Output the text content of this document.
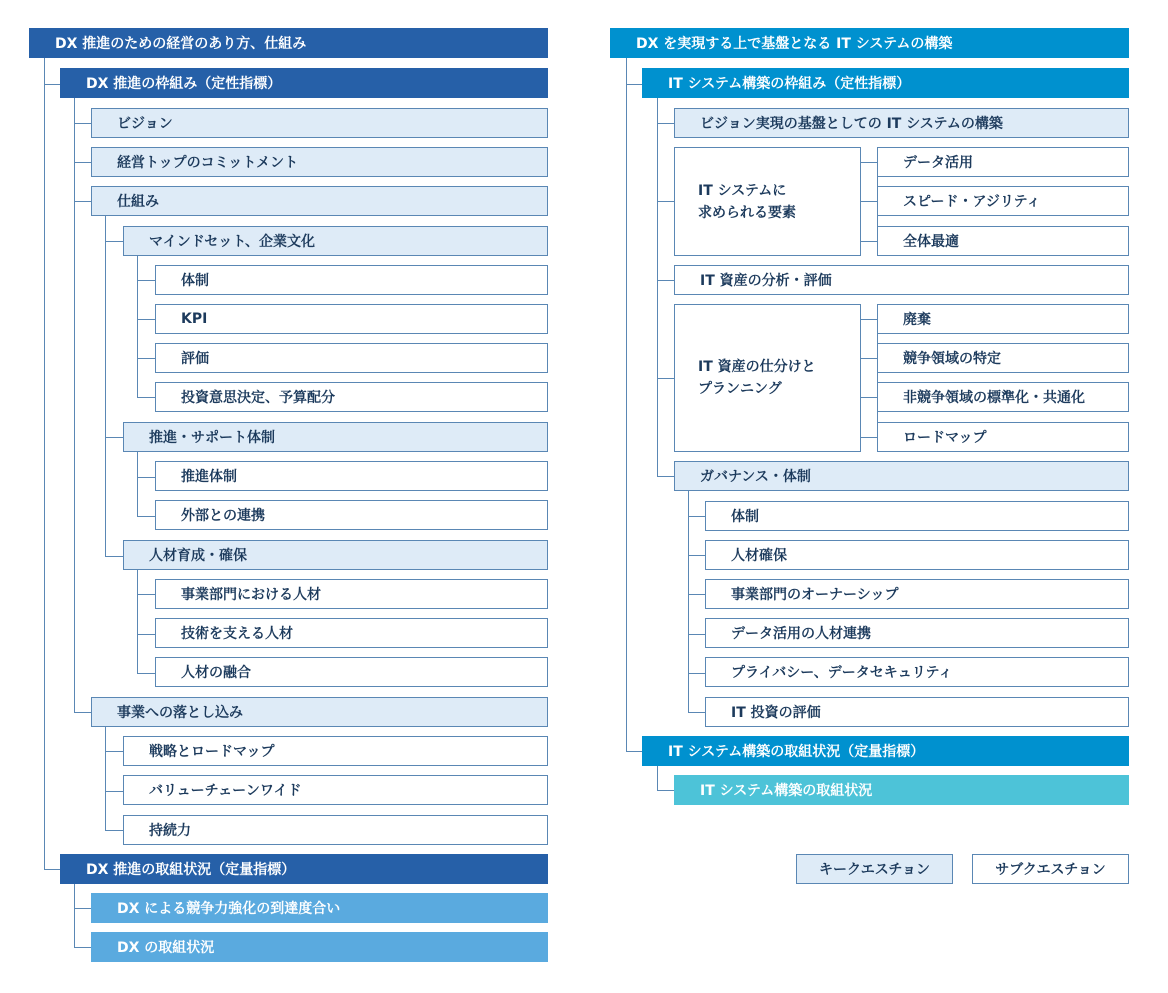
DX 推進のための経営のあり方、仕組み
DX 推進の枠組み（定性指標）
ビジョン
経営トップのコミットメント
仕組み
マインドセット、企業文化
体制
KPI
評価
投資意思決定、予算配分
推進・サポート体制
推進体制
外部との連携
人材育成・確保
事業部門における人材
技術を支える人材
人材の融合
事業への落とし込み
戦略とロードマップ
バリューチェーンワイド
持続力
DX 推進の取組状況（定量指標）
DX による競争力強化の到達度合い
DX の取組状況
DX を実現する上で基盤となる IT システムの構築
IT システム構築の枠組み（定性指標）
ビジョン実現の基盤としての IT システムの構築
IT システムに
求められる要素
データ活用
スピード・アジリティ
全体最適
IT 資産の分析・評価
IT 資産の仕分けと
プランニング
廃棄
競争領域の特定
非競争領域の標準化・共通化
ロードマップ
ガバナンス・体制
体制
人材確保
事業部門のオーナーシップ
データ活用の人材連携
プライバシー、データセキュリティ
IT 投資の評価
IT システム構築の取組状況（定量指標）
IT システム構築の取組状況
キークエスチョン	サブクエスチョン
